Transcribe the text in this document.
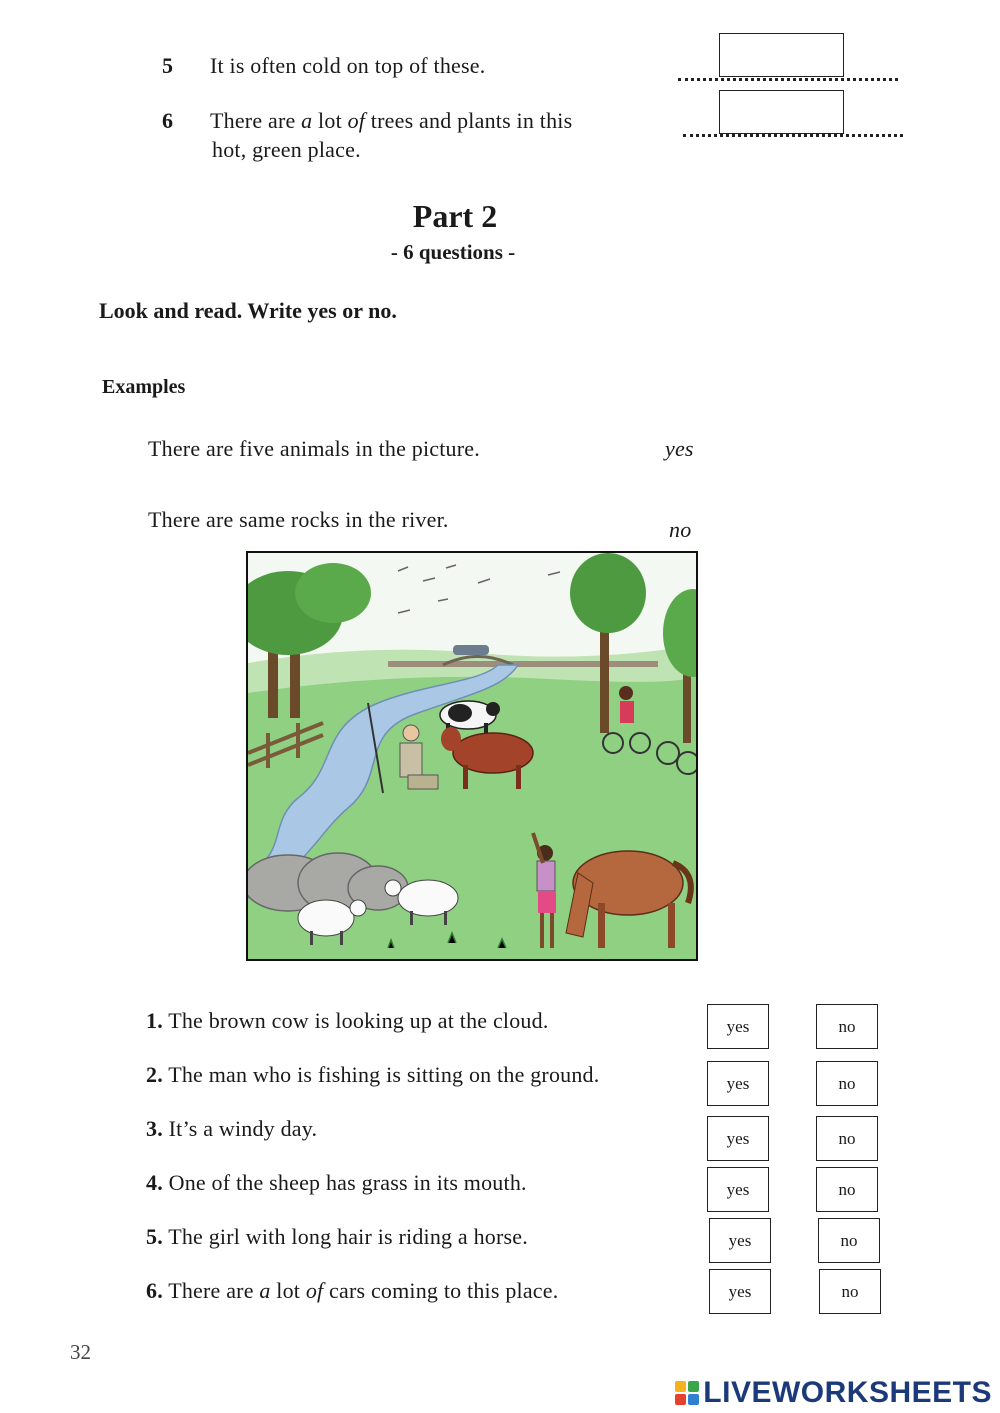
5 It is often cold on top of these.
6 There are a lot of trees and plants in this
hot, green place.
Part 2
- 6 questions -
Look and read. Write yes or no.
Examples
There are five animals in the picture.	yes
There are same rocks in the river.	no
1. The brown cow is looking up at the cloud.	yes	no
2. The man who is fishing is sitting on the ground.	yes	no
3. It’s a windy day.	yes	no
4. One of the sheep has grass in its mouth.	yes	no
5. The girl with long hair is riding a horse.	yes	no
6. There are a lot of cars coming to this place.	yes	no
32
LIVEWORKSHEETS
